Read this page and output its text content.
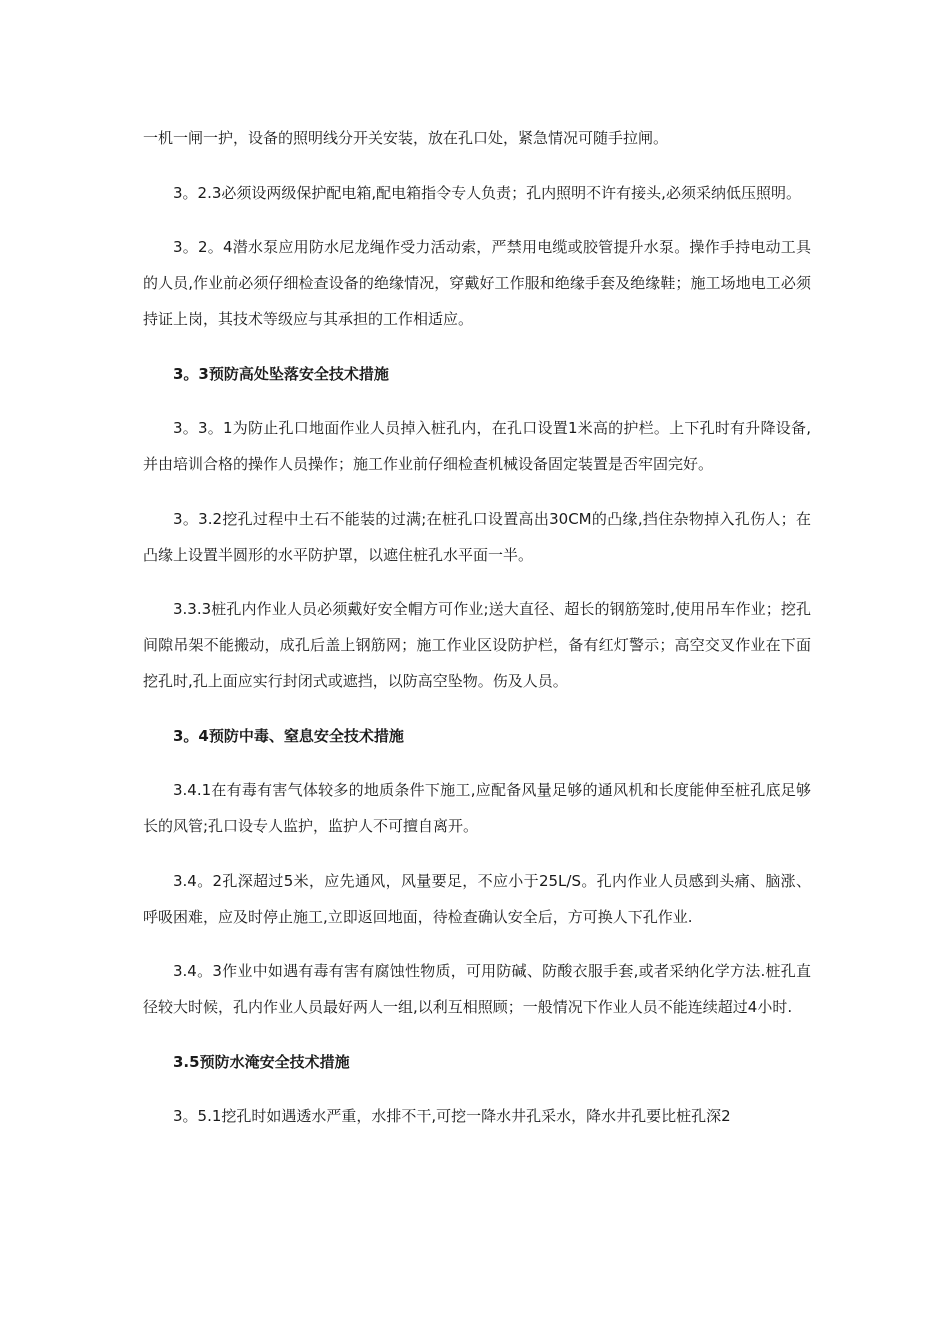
一机一闸一护，设备的照明线分开关安装，放在孔口处，紧急情况可随手拉闸。

3。2.3必须设两级保护配电箱,配电箱指令专人负责；孔内照明不许有接头,必须采纳低压照明。

3。2。4潜水泵应用防水尼龙绳作受力活动索，严禁用电缆或胶管提升水泵。操作手持电动工具的人员,作业前必须仔细检查设备的绝缘情况，穿戴好工作服和绝缘手套及绝缘鞋；施工场地电工必须持证上岗，其技术等级应与其承担的工作相适应。

3。3预防高处坠落安全技术措施

3。3。1为防止孔口地面作业人员掉入桩孔内，在孔口设置1米高的护栏。上下孔时有升降设备,并由培训合格的操作人员操作；施工作业前仔细检查机械设备固定装置是否牢固完好。

3。3.2挖孔过程中土石不能装的过满;在桩孔口设置高出30CM的凸缘,挡住杂物掉入孔伤人；在凸缘上设置半圆形的水平防护罩，以遮住桩孔水平面一半。

3.3.3桩孔内作业人员必须戴好安全帽方可作业;送大直径、超长的钢筋笼时,使用吊车作业；挖孔间隙吊架不能搬动，成孔后盖上钢筋网；施工作业区设防护栏，备有红灯警示；高空交叉作业在下面挖孔时,孔上面应实行封闭式或遮挡，以防高空坠物。伤及人员。

3。4预防中毒、窒息安全技术措施

3.4.1在有毒有害气体较多的地质条件下施工,应配备风量足够的通风机和长度能伸至桩孔底足够长的风管;孔口设专人监护，监护人不可擅自离开。

3.4。2孔深超过5米，应先通风，风量要足，不应小于25L/S。孔内作业人员感到头痛、脑涨、呼吸困难，应及时停止施工,立即返回地面，待检查确认安全后，方可换人下孔作业.

3.4。3作业中如遇有毒有害有腐蚀性物质，可用防碱、防酸衣服手套,或者采纳化学方法.桩孔直径较大时候，孔内作业人员最好两人一组,以利互相照顾；一般情况下作业人员不能连续超过4小时.

3.5预防水淹安全技术措施

3。5.1挖孔时如遇透水严重，水排不干,可挖一降水井孔采水，降水井孔要比桩孔深2
